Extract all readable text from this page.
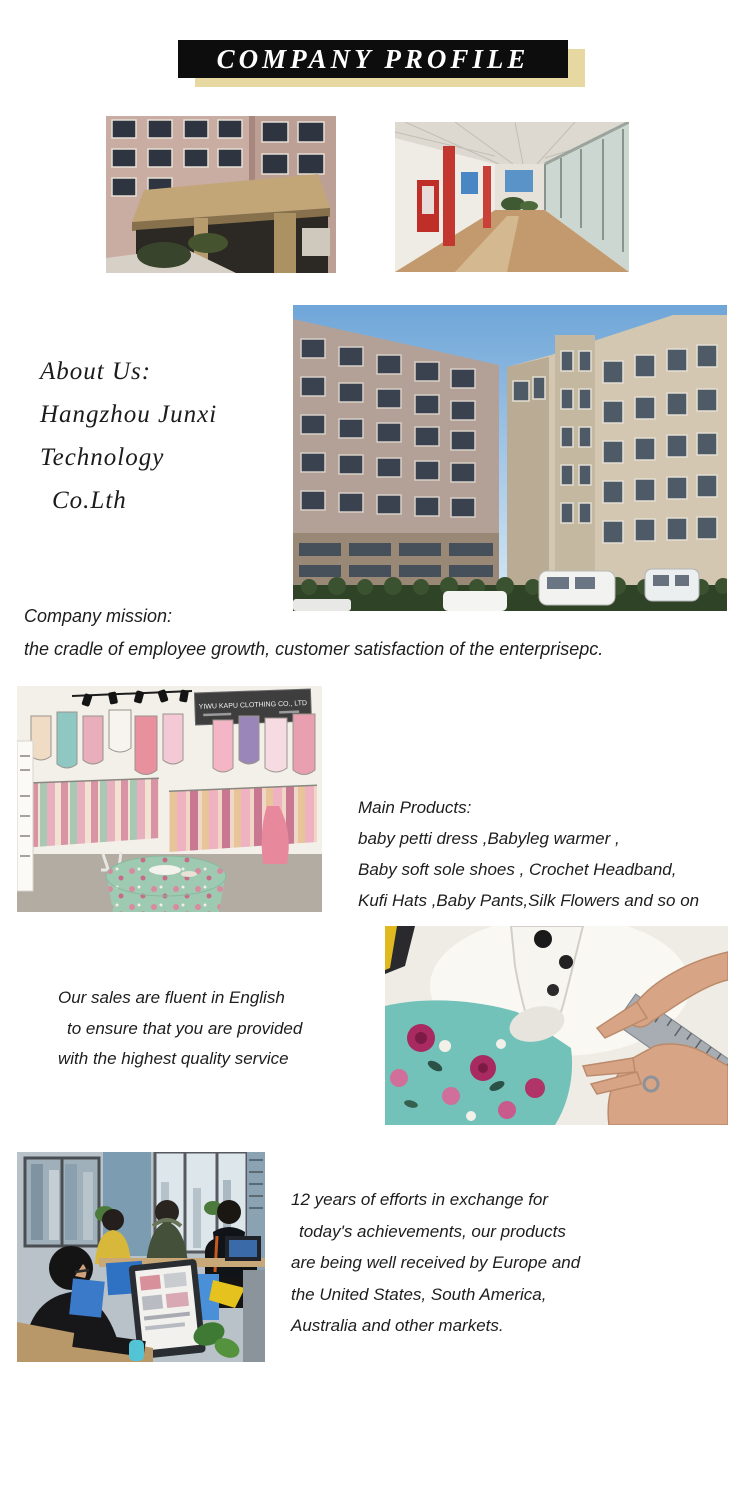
COMPANY PROFILE
About Us:
Hangzhou Junxi
Technology
Co.Lth
Company mission:
the cradle of employee growth, customer satisfaction of the enterprisepc.
YIWU KAPU CLOTHING CO., LTD
Main Products:
baby petti dress ,Babyleg warmer ,
Baby soft sole shoes , Crochet Headband,
Kufi Hats ,Baby Pants,Silk Flowers and so on
Our sales are fluent in English
to ensure that you are provided
with the highest quality service
12 years of efforts in exchange for
today's achievements, our products
are being well received by Europe and
the United States, South America,
Australia and other markets.
